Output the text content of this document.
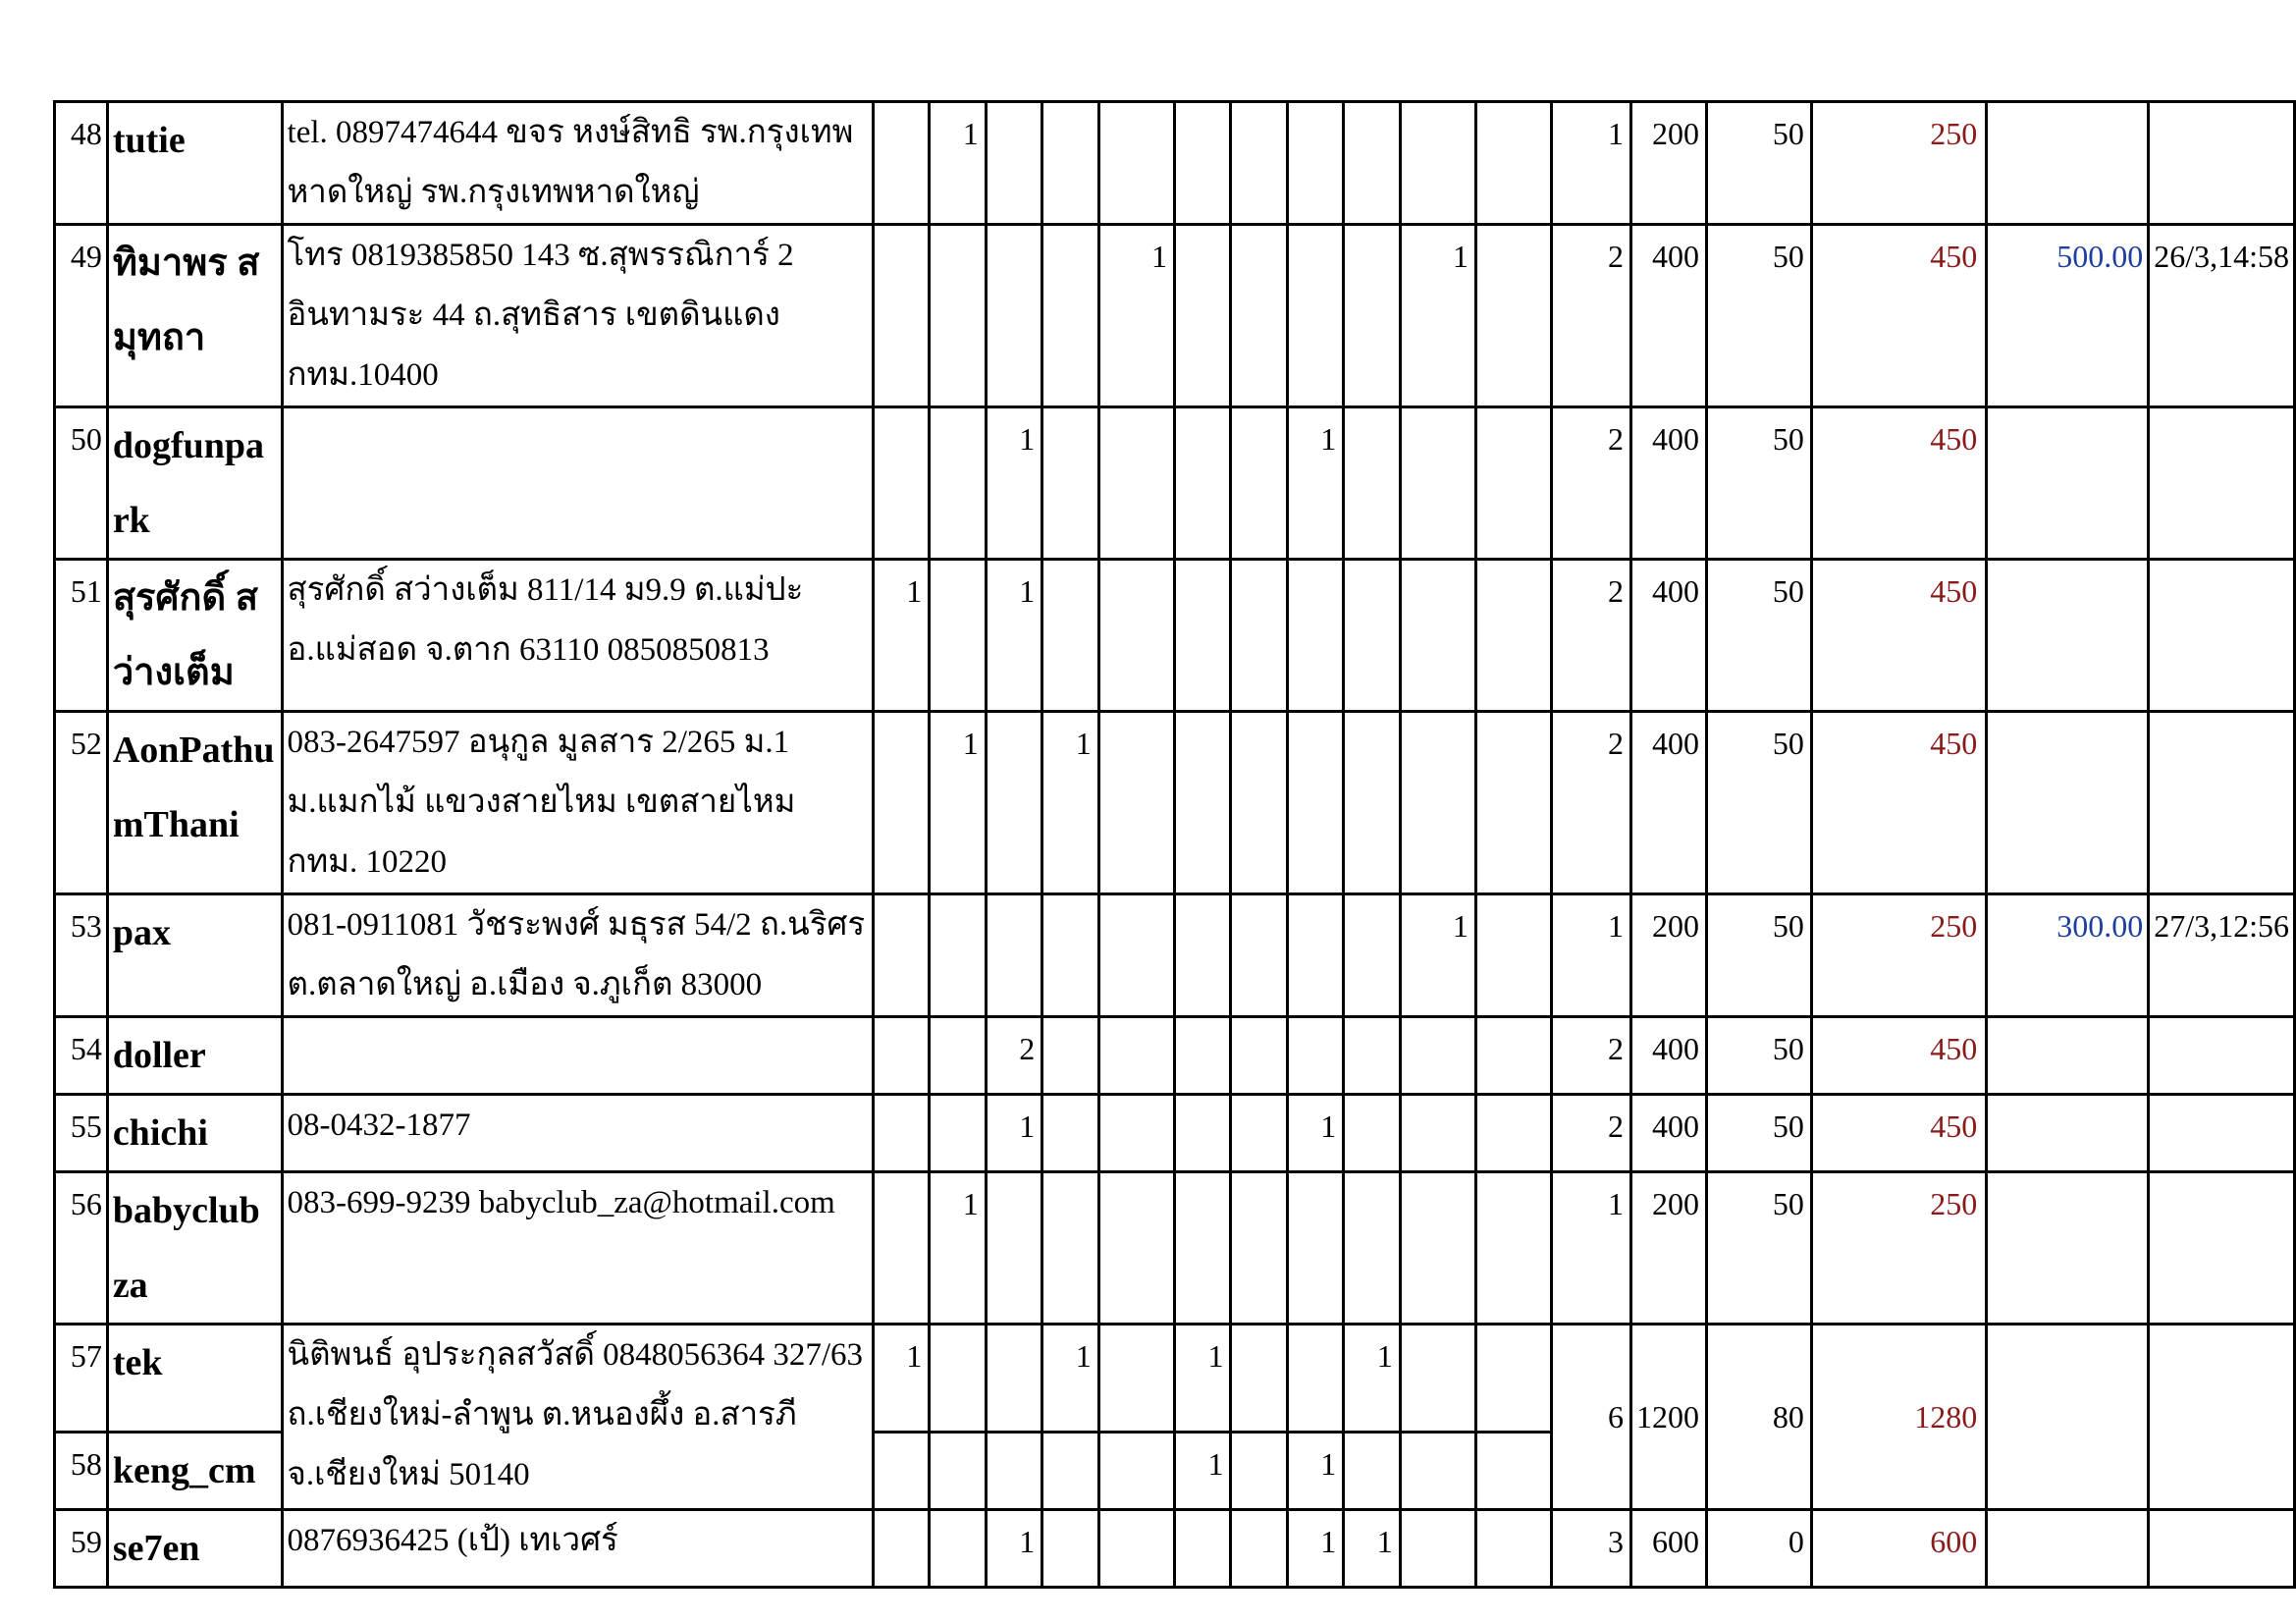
48	tutie	tel. 0897474644 ขจร หงษ์สิทธิ รพ.กรุงเทพหาดใหญ่ รพ.กรุงเทพหาดใหญ่		1										1	200	50	250		
49	ทิมาพร สมุทถา	โทร 0819385850 143 ซ.สุพรรณิการ์ 2 อินทามระ 44 ถ.สุทธิสาร เขตดินแดง กทม.10400					1					1		2	400	50	450	500.00	26/3,14:58
50	dogfunpark				1					1				2	400	50	450		
51	สุรศักดิ์ สว่างเต็ม	สุรศักดิ์ สว่างเต็ม 811/14 ม9.9 ต.แม่ปะ อ.แม่สอด จ.ตาก 63110 0850850813	1		1									2	400	50	450		
52	AonPathumThani	083-2647597 อนุกูล มูลสาร 2/265 ม.1 ม.แมกไม้ แขวงสายไหม เขตสายไหม กทม. 10220		1		1								2	400	50	450		
53	pax	081-0911081 วัชระพงศ์ มธุรส 54/2 ถ.นริศร ต.ตลาดใหญ่ อ.เมือง จ.ภูเก็ต 83000										1		1	200	50	250	300.00	27/3,12:56
54	doller				2									2	400	50	450		
55	chichi	08-0432-1877			1					1				2	400	50	450		
56	babyclubza	083-699-9239 babyclub_za@hotmail.com		1										1	200	50	250		
57	tek	นิติพนธ์ อุประกุลสวัสดิ์ 0848056364 327/63 ถ.เชียงใหม่-ลำพูน ต.หนองผึ้ง อ.สารภี จ.เชียงใหม่ 50140	1			1		1			1			6	1200	80	1280		
58	keng_cm							1		1									
59	se7en	0876936425 (เป้) เทเวศร์			1					1	1			3	600	0	600		
